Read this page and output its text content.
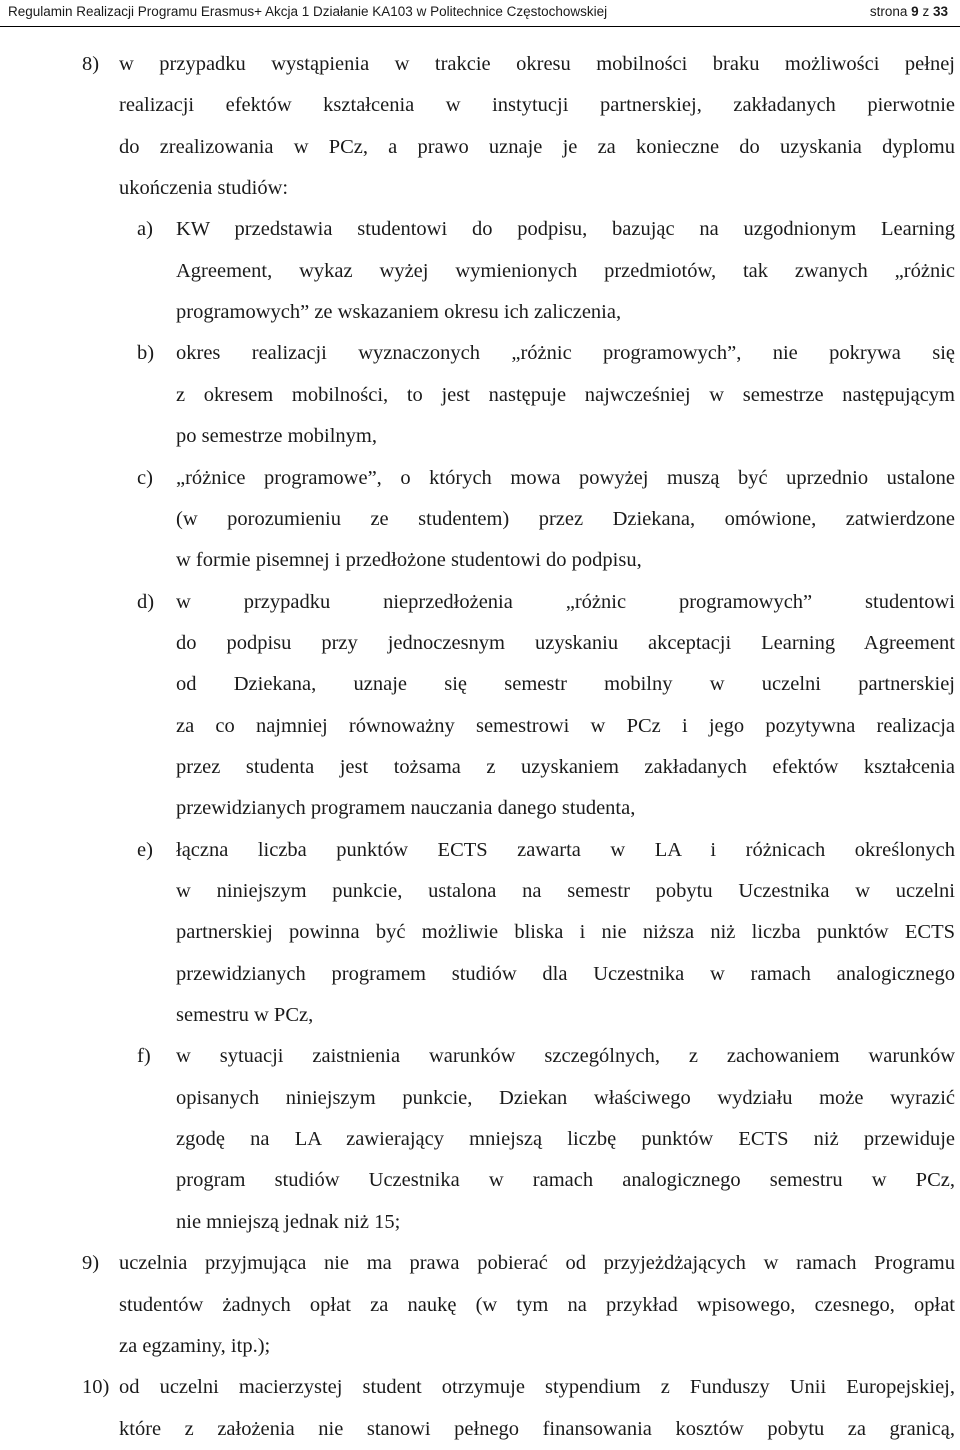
Regulamin Realizacji Programu Erasmus+ Akcja 1 Działanie KA103 w Politechnice Częstochowskiej	strona 9 z 33
8) w przypadku wystąpienia w trakcie okresu mobilności braku możliwości pełnej
realizacji efektów kształcenia w instytucji partnerskiej, zakładanych pierwotnie
do zrealizowania w PCz, a prawo uznaje je za konieczne do uzyskania dyplomu
ukończenia studiów:
a) KW przedstawia studentowi do podpisu, bazując na uzgodnionym Learning
Agreement, wykaz wyżej wymienionych przedmiotów, tak zwanych „różnic
programowych” ze wskazaniem okresu ich zaliczenia,
b) okres realizacji wyznaczonych „różnic programowych”, nie pokrywa się
z okresem mobilności, to jest następuje najwcześniej w semestrze następującym
po semestrze mobilnym,
c) „różnice programowe”, o których mowa powyżej muszą być uprzednio ustalone
(w porozumieniu ze studentem) przez Dziekana, omówione, zatwierdzone
w formie pisemnej i przedłożone studentowi do podpisu,
d) w przypadku nieprzedłożenia „różnic programowych” studentowi
do podpisu przy jednoczesnym uzyskaniu akceptacji Learning Agreement
od Dziekana, uznaje się semestr mobilny w uczelni partnerskiej
za co najmniej równoważny semestrowi w PCz i jego pozytywna realizacja
przez studenta jest tożsama z uzyskaniem zakładanych efektów kształcenia
przewidzianych programem nauczania danego studenta,
e) łączna liczba punktów ECTS zawarta w LA i różnicach określonych
w niniejszym punkcie, ustalona na semestr pobytu Uczestnika w uczelni
partnerskiej powinna być możliwie bliska i nie niższa niż liczba punktów ECTS
przewidzianych programem studiów dla Uczestnika w ramach analogicznego
semestru w PCz,
f) w sytuacji zaistnienia warunków szczególnych, z zachowaniem warunków
opisanych niniejszym punkcie, Dziekan właściwego wydziału może wyrazić
zgodę na LA zawierający mniejszą liczbę punktów ECTS niż przewiduje
program studiów Uczestnika w ramach analogicznego semestru w PCz,
nie mniejszą jednak niż 15;
9) uczelnia przyjmująca nie ma prawa pobierać od przyjeżdżających w ramach Programu
studentów żadnych opłat za naukę (w tym na przykład wpisowego, czesnego, opłat
za egzaminy, itp.);
10) od uczelni macierzystej student otrzymuje stypendium z Funduszy Unii Europejskiej,
które z założenia nie stanowi pełnego finansowania kosztów pobytu za granicą,
